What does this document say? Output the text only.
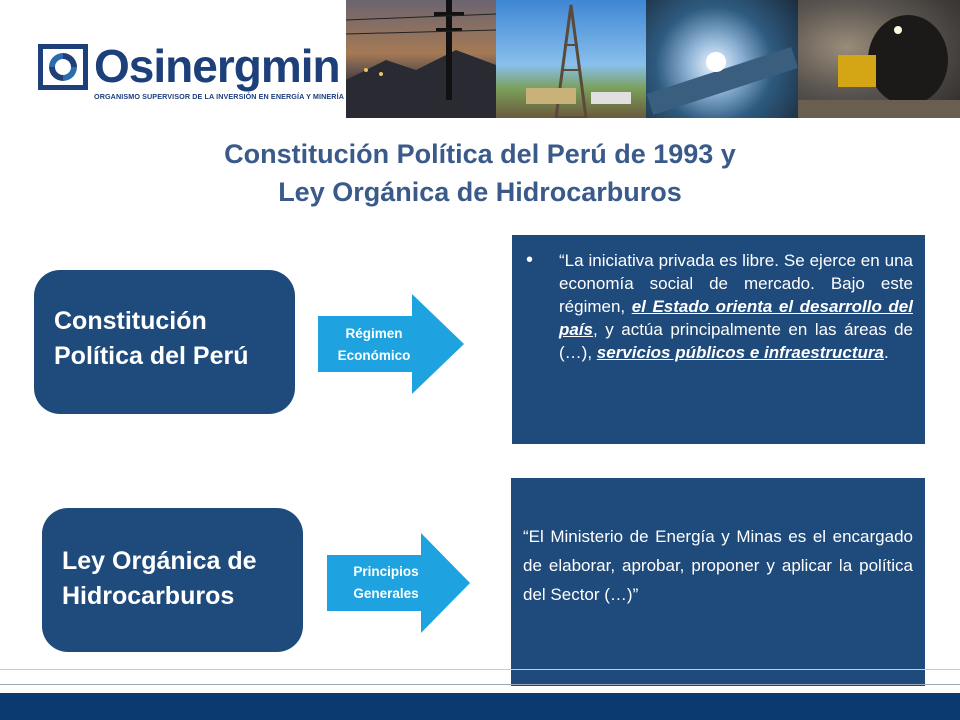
Osinergmin
ORGANISMO SUPERVISOR DE LA INVERSIÓN EN ENERGÍA Y MINERÍA
Constitución Política del Perú de 1993 y
Ley Orgánica de Hidrocarburos
Constitución
Política del Perú
Régimen
Económico
•	“La iniciativa privada es libre. Se ejerce en una economía social de mercado. Bajo este régimen, el Estado orienta el desarrollo del país, y actúa principalmente en las áreas de (…), servicios públicos e infraestructura.
Ley Orgánica de
Hidrocarburos
Principios
Generales
“El Ministerio de Energía y Minas es el encargado de elaborar, aprobar, proponer y aplicar la política del Sector (…)”
